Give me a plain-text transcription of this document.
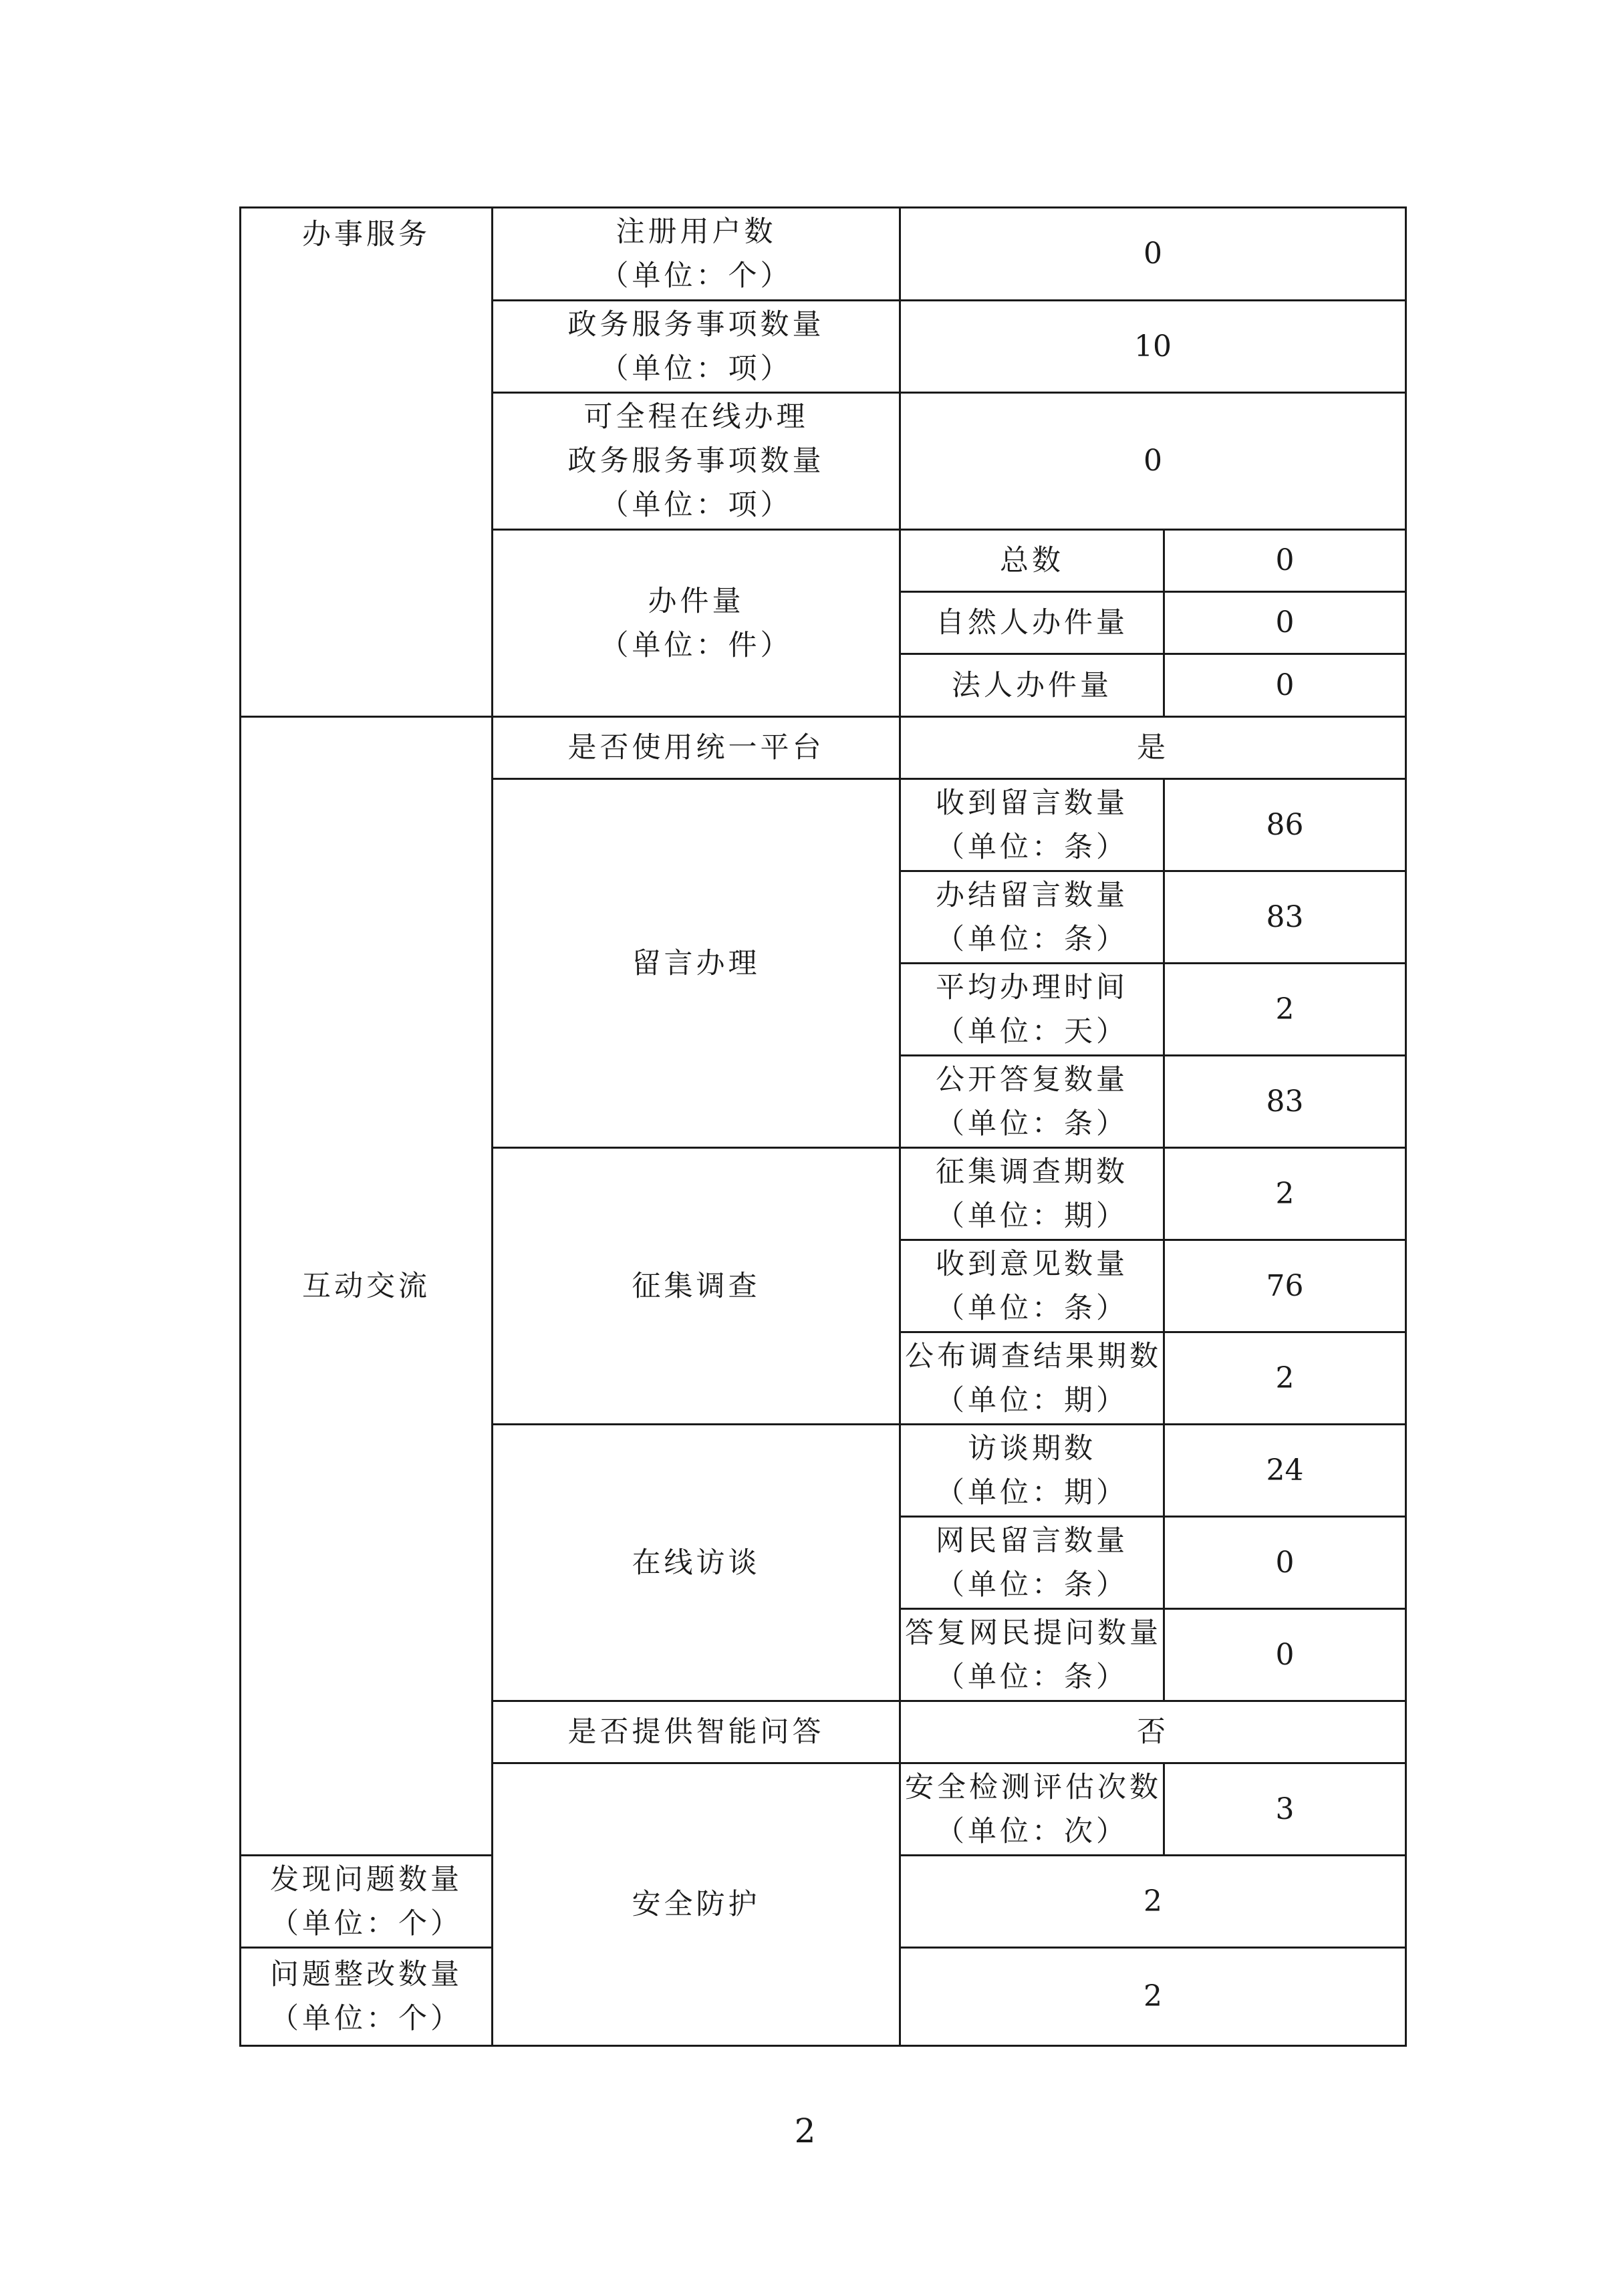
办事服务	注册用户数
（单位：个）	0	

	政务服务事项数量
（单位：项）	10	

	可全程在线办理
政务服务事项数量
（单位：项）	0	

	办件量
（单位：件）	总数	0
		自然人办件量	0
		法人办件量	0
互动交流	是否使用统一平台	是	
	留言办理	收到留言数量
（单位：条）	86

		办结留言数量
（单位：条）	83

		平均办理时间
（单位：天）	2

		公开答复数量
（单位：条）	83
	征集调查	征集调查期数
（单位：期）	2

		收到意见数量
（单位：条）	76

		公布调查结果期数
（单位：期）	2
	在线访谈	访谈期数
（单位：期）	24

		网民留言数量
（单位：条）	0

		答复网民提问数量
（单位：条）	0
	是否提供智能问答	否	
	安全防护	安全检测评估次数
（单位：次）	3

发现问题数量
（单位：个）		2	

问题整改数量
（单位：个）		2	
2
